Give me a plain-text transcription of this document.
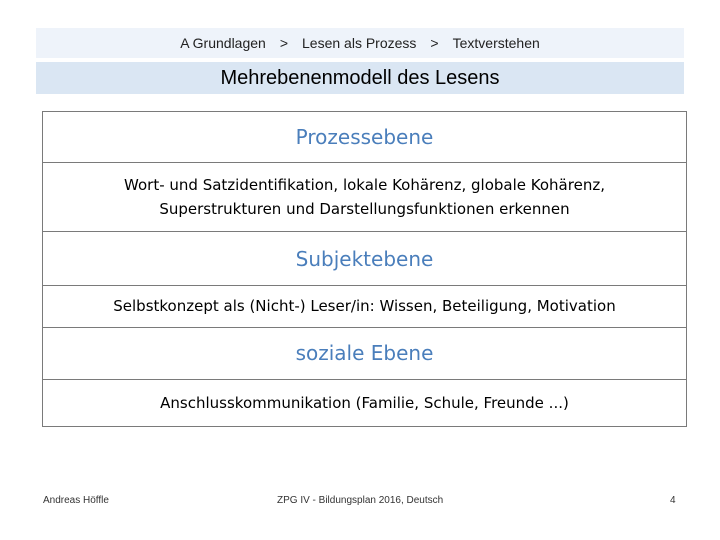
A Grundlagen > Lesen als Prozess > Textverstehen
Mehrebenenmodell des Lesens
Prozessebene
Wort- und Satzidentifikation, lokale Kohärenz, globale Kohärenz,
Superstrukturen und Darstellungsfunktionen erkennen
Subjektebene
Selbstkonzept als (Nicht-) Leser/in: Wissen, Beteiligung, Motivation
soziale Ebene
Anschlusskommunikation (Familie, Schule, Freunde ...)
Andreas Höffle	ZPG IV - Bildungsplan 2016, Deutsch	4
